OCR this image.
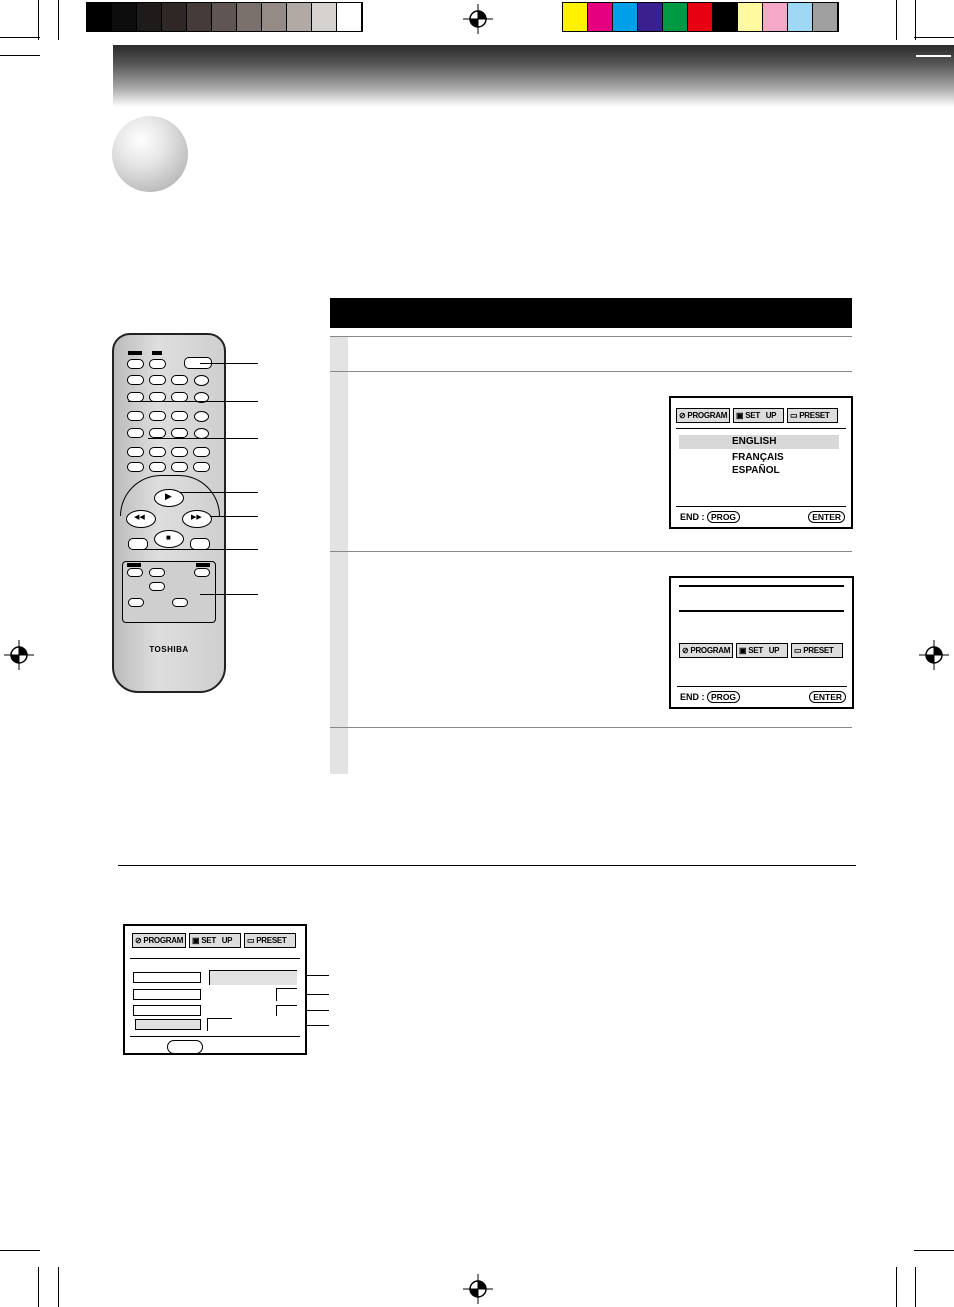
⊘ PROGRAM ▣ SET   UP ▭ PRESET
ENGLISH
FRANÇAIS
ESPAÑOL
END : PROG	ENTER
⊘ PROGRAM ▣ SET   UP ▭ PRESET
END : PROG	ENTER
▶
◀◀	▶▶
■
TOSHIBA
⊘ PROGRAM ▣ SET   UP ▭ PRESET
